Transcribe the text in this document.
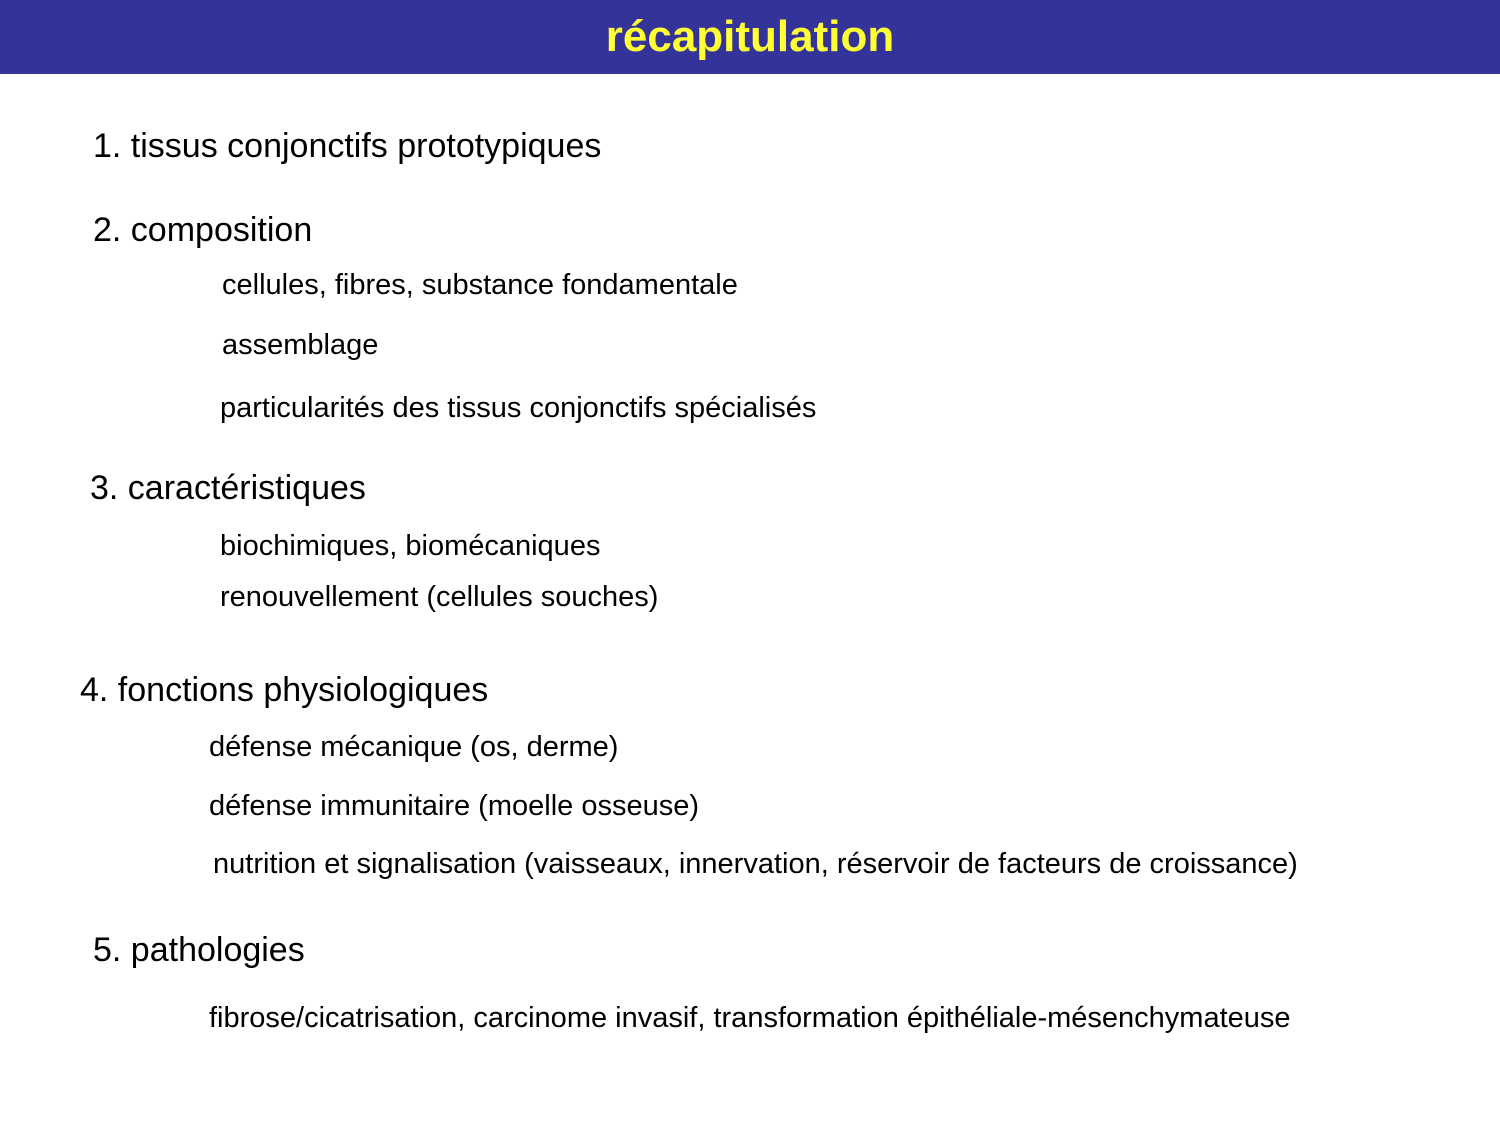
récapitulation
1. tissus conjonctifs prototypiques
2. composition
cellules, fibres, substance fondamentale
assemblage
particularités des tissus conjonctifs spécialisés
3. caractéristiques
biochimiques, biomécaniques
renouvellement (cellules souches)
4. fonctions physiologiques
défense mécanique (os, derme)
défense immunitaire (moelle osseuse)
nutrition et signalisation (vaisseaux, innervation, réservoir de facteurs de croissance)
5. pathologies
fibrose/cicatrisation, carcinome invasif, transformation épithéliale-mésenchymateuse
